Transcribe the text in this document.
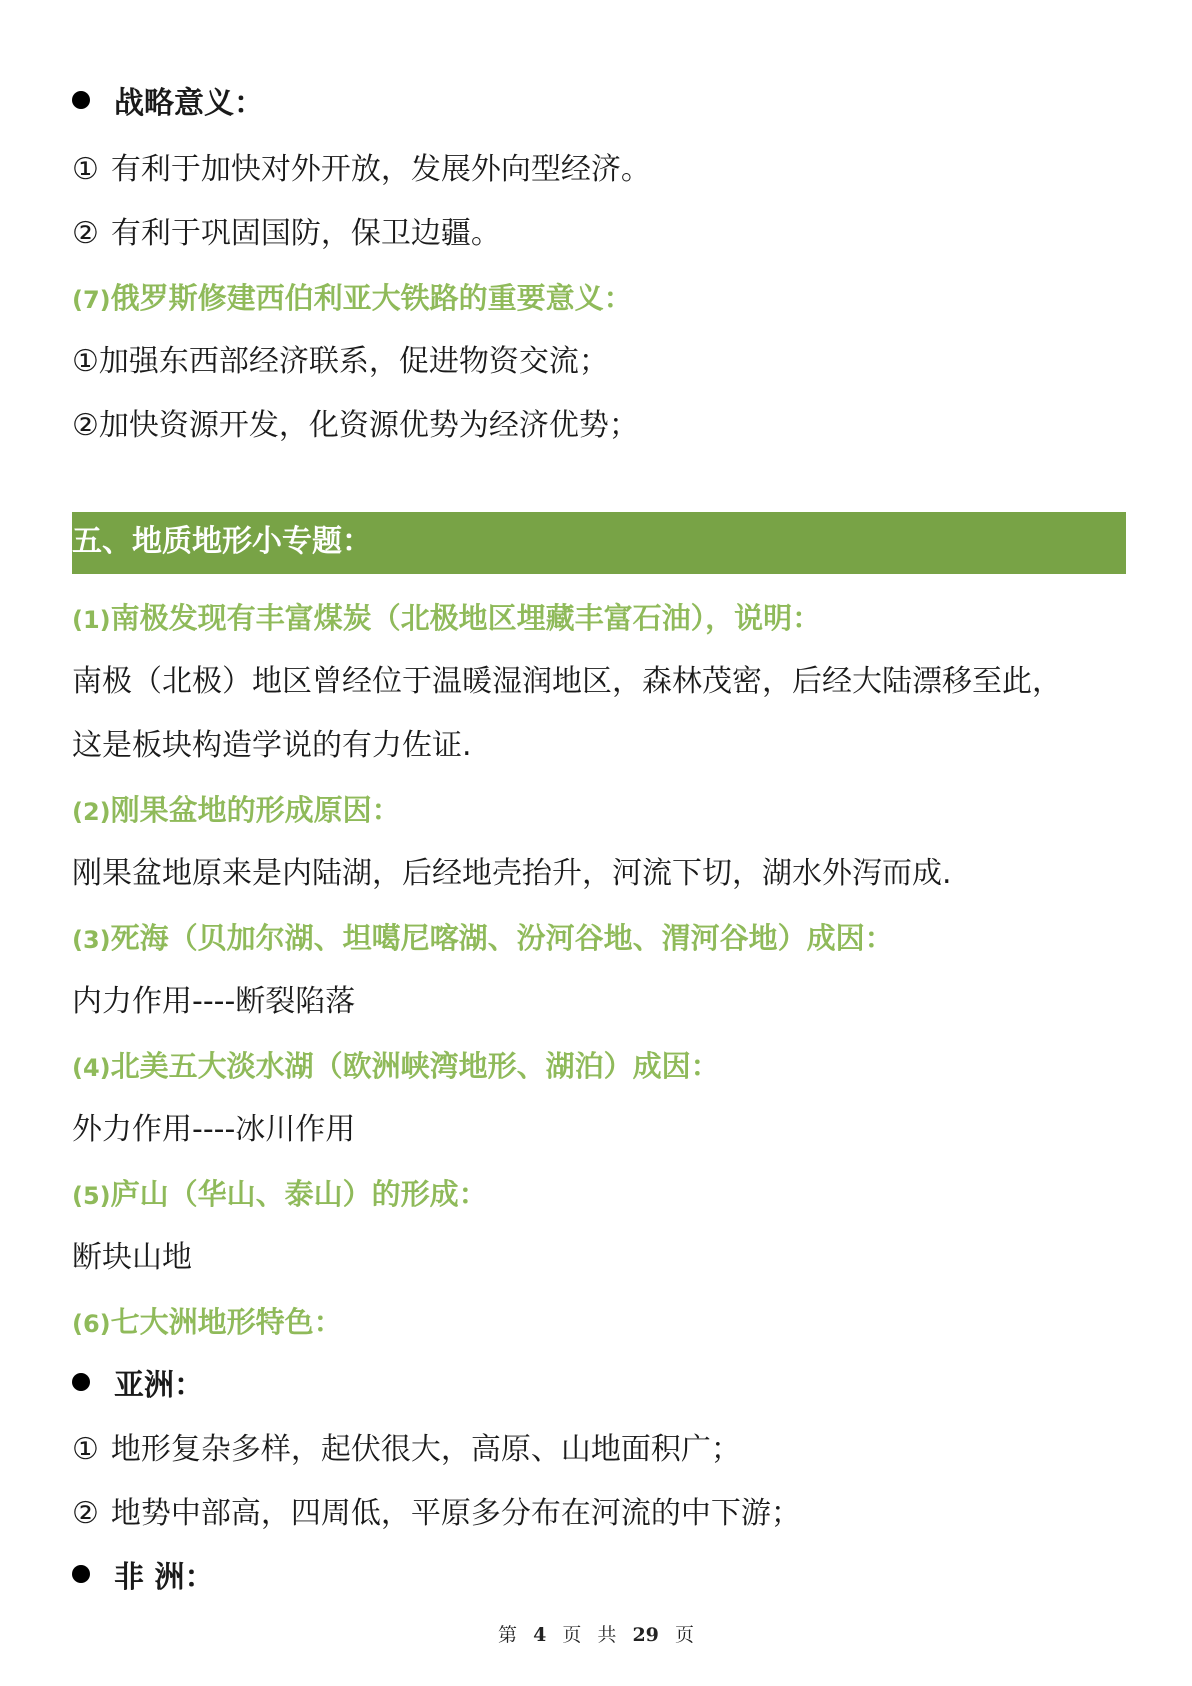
战略意义：
① 有利于加快对外开放，发展外向型经济。
② 有利于巩固国防，保卫边疆。
(7)俄罗斯修建西伯利亚大铁路的重要意义：
①加强东西部经济联系，促进物资交流；
②加快资源开发，化资源优势为经济优势；
五、地质地形小专题：
(1)南极发现有丰富煤炭（北极地区埋藏丰富石油），说明：
南极（北极）地区曾经位于温暖湿润地区，森林茂密，后经大陆漂移至此，
这是板块构造学说的有力佐证.
(2)刚果盆地的形成原因：
刚果盆地原来是内陆湖，后经地壳抬升，河流下切，湖水外泻而成.
(3)死海（贝加尔湖、坦噶尼喀湖、汾河谷地、渭河谷地）成因：
内力作用----断裂陷落
(4)北美五大淡水湖（欧洲峡湾地形、湖泊）成因：
外力作用----冰川作用
(5)庐山（华山、泰山）的形成：
断块山地
(6)七大洲地形特色：
亚洲：
① 地形复杂多样，起伏很大，高原、山地面积广；
② 地势中部高，四周低，平原多分布在河流的中下游；
非 洲：
第 4 页 共 29 页
